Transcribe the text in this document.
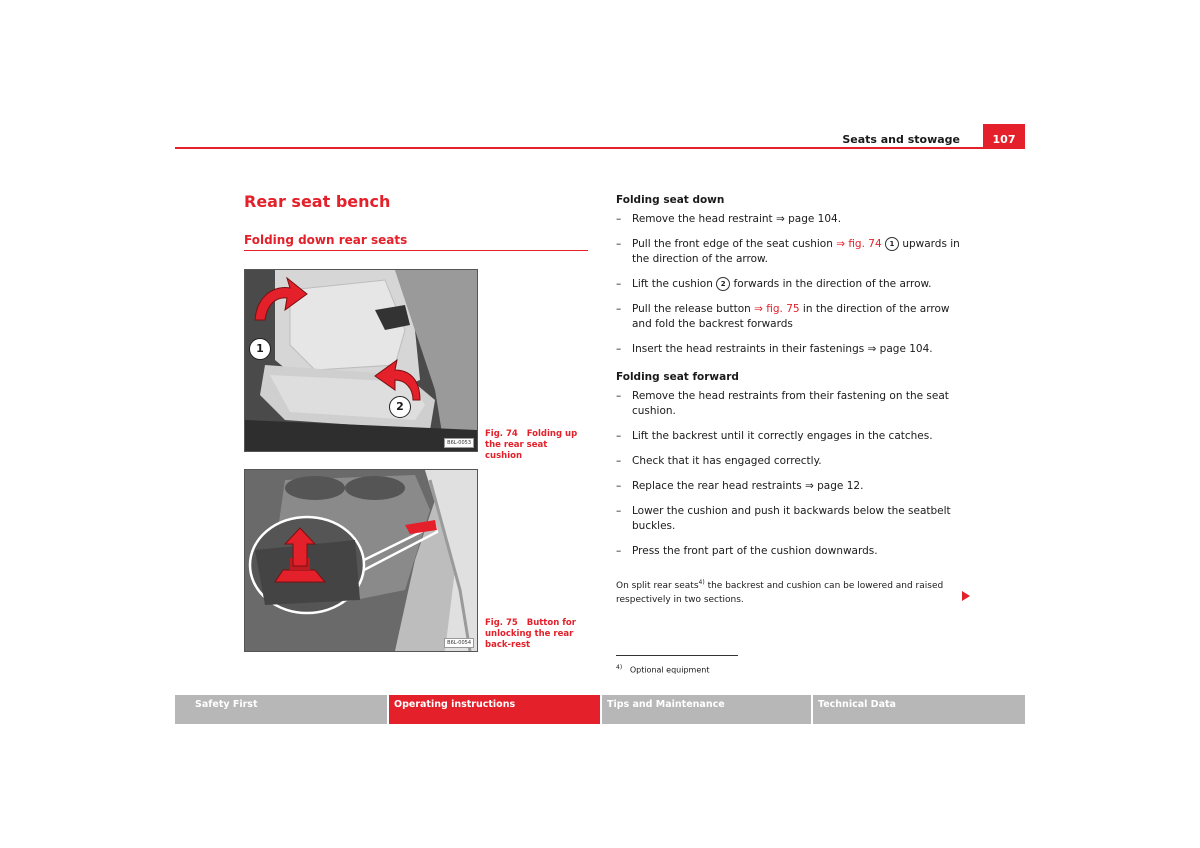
Seats and stowage	107
Rear seat bench
Folding down rear seats
1
2
B6L-0053
Fig. 74 Folding up the rear seat cushion
B6L-0054
Fig. 75 Button for unlocking the rear back-rest
Folding seat down
– Remove the head restraint ⇒ page 104.
– Pull the front edge of the seat cushion ⇒ fig. 74 1 upwards in the direction of the arrow.
– Lift the cushion 2 forwards in the direction of the arrow.
– Pull the release button ⇒ fig. 75 in the direction of the arrow and fold the backrest forwards
– Insert the head restraints in their fastenings ⇒ page 104.
Folding seat forward
– Remove the head restraints from their fastening on the seat cushion.
– Lift the backrest until it correctly engages in the catches.
– Check that it has engaged correctly.
– Replace the rear head restraints ⇒ page 12.
– Lower the cushion and push it backwards below the seatbelt buckles.
– Press the front part of the cushion downwards.
On split rear seats$^{4)}$ the backrest and cushion can be lowered and raised respectively in two sections.
$^{4)}$ Optional equipment
Safety First	Operating instructions	Tips and Maintenance	Technical Data
